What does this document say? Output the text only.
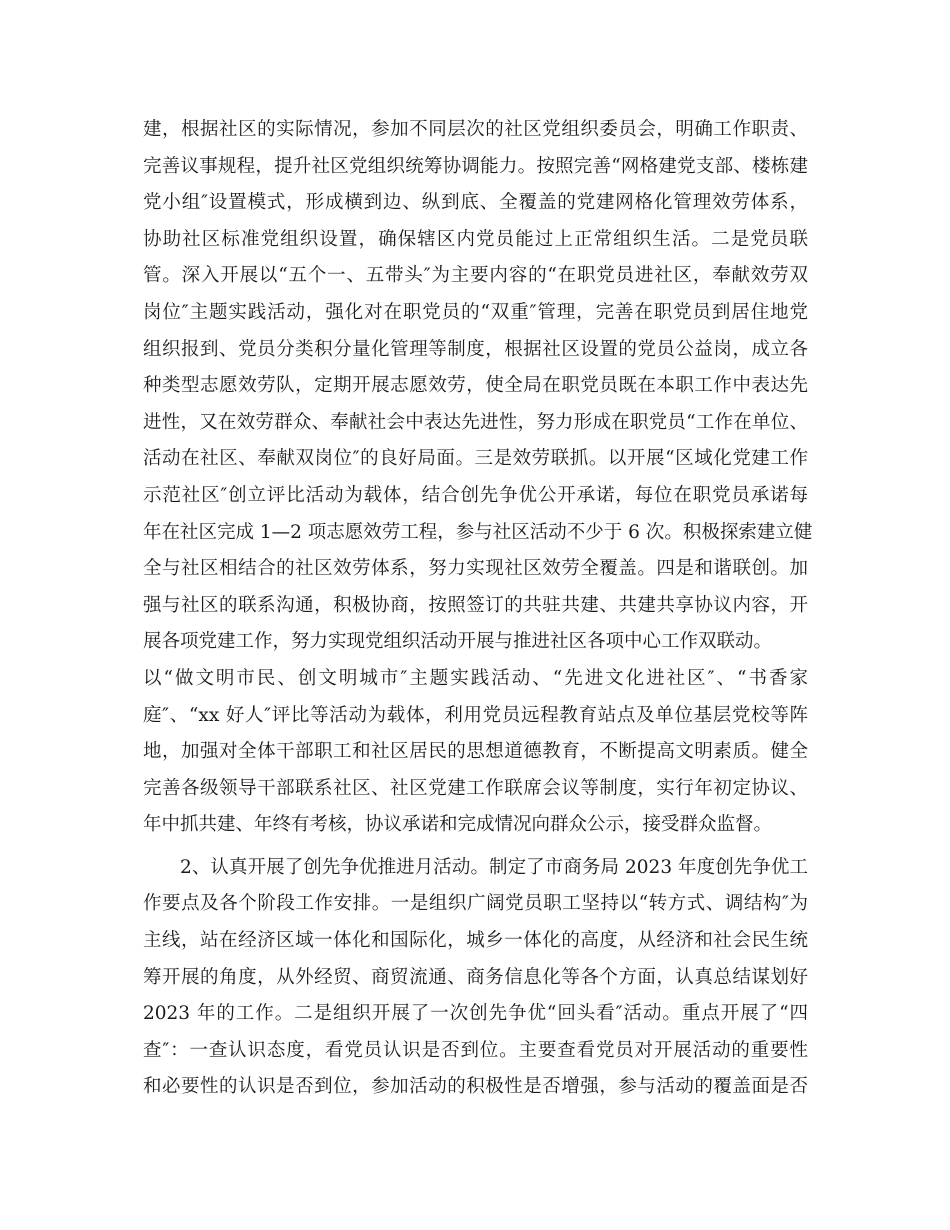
建，根据社区的实际情况，参加不同层次的社区党组织委员会，明确工作职责、
完善议事规程，提升社区党组织统筹协调能力。按照完善“网格建党支部、楼栋建
党小组″设置模式，形成横到边、纵到底、全覆盖的党建网格化管理效劳体系，
协助社区标准党组织设置，确保辖区内党员能过上正常组织生活。二是党员联
管。深入开展以“五个一、五带头″为主要内容的“在职党员进社区，奉献效劳双
岗位″主题实践活动，强化对在职党员的“双重″管理，完善在职党员到居住地党
组织报到、党员分类积分量化管理等制度，根据社区设置的党员公益岗，成立各
种类型志愿效劳队，定期开展志愿效劳，使全局在职党员既在本职工作中表达先
进性，又在效劳群众、奉献社会中表达先进性，努力形成在职党员“工作在单位、
活动在社区、奉献双岗位″的良好局面。三是效劳联抓。以开展“区域化党建工作
示范社区″创立评比活动为载体，结合创先争优公开承诺，每位在职党员承诺每
年在社区完成 1—2 项志愿效劳工程，参与社区活动不少于 6 次。积极探索建立健
全与社区相结合的社区效劳体系，努力实现社区效劳全覆盖。四是和谐联创。加
强与社区的联系沟通，积极协商，按照签订的共驻共建、共建共享协议内容，开
展各项党建工作，努力实现党组织活动开展与推进社区各项中心工作双联动。
以“做文明市民、创文明城市″主题实践活动、“先进文化进社区″、“书香家
庭″、“xx 好人″评比等活动为载体，利用党员远程教育站点及单位基层党校等阵
地，加强对全体干部职工和社区居民的思想道德教育，不断提高文明素质。健全
完善各级领导干部联系社区、社区党建工作联席会议等制度，实行年初定协议、
年中抓共建、年终有考核，协议承诺和完成情况向群众公示，接受群众监督。
2、认真开展了创先争优推进月活动。制定了市商务局 2023 年度创先争优工
作要点及各个阶段工作安排。一是组织广阔党员职工坚持以“转方式、调结构″为
主线，站在经济区域一体化和国际化，城乡一体化的高度，从经济和社会民生统
筹开展的角度，从外经贸、商贸流通、商务信息化等各个方面，认真总结谋划好
2023 年的工作。二是组织开展了一次创先争优“回头看″活动。重点开展了“四
查″：一查认识态度，看党员认识是否到位。主要查看党员对开展活动的重要性
和必要性的认识是否到位，参加活动的积极性是否增强，参与活动的覆盖面是否
